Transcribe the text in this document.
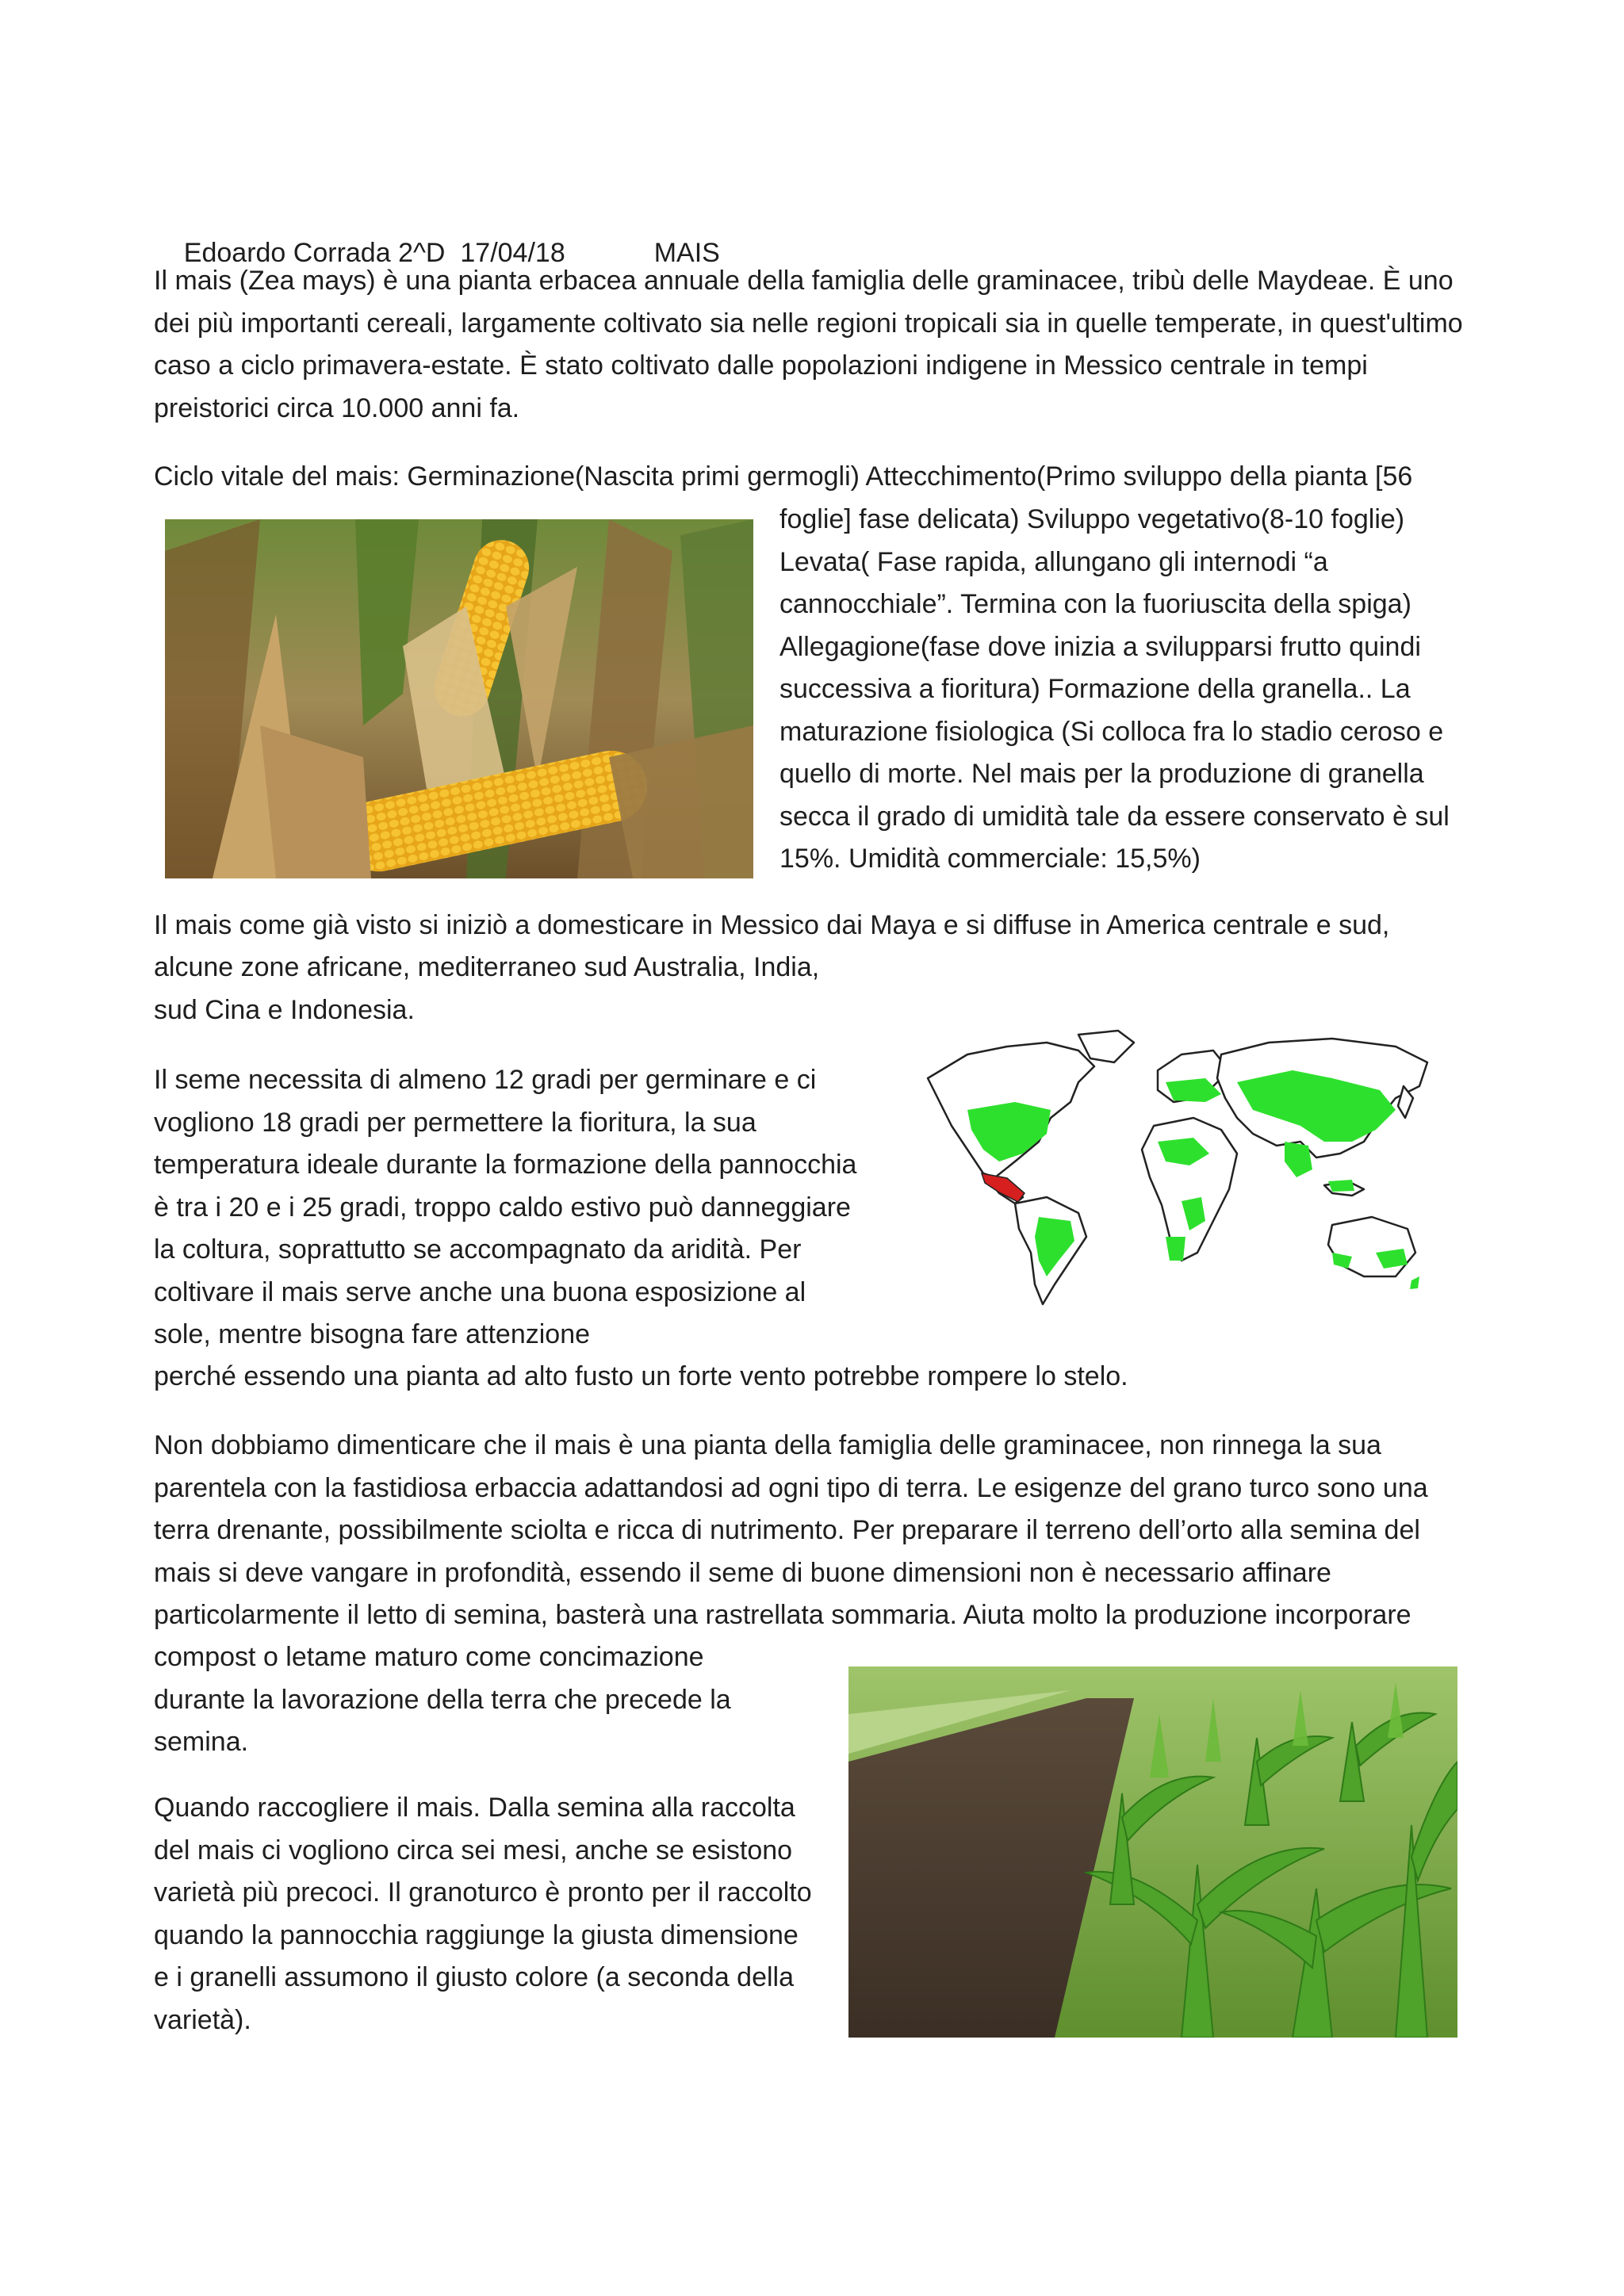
Edoardo Corrada 2^D  17/04/18	MAIS

Il mais (Zea mays) è una pianta erbacea annuale della famiglia delle graminacee, tribù delle Maydeae. È uno dei più importanti cereali, largamente coltivato sia nelle regioni tropicali sia in quelle temperate, in quest'ultimo caso a ciclo primavera-estate. È stato coltivato dalle popolazioni indigene in Messico centrale in tempi preistorici circa 10.000 anni fa.

Ciclo vitale del mais: Germinazione(Nascita primi germogli) Attecchimento(Primo sviluppo della pianta [56

foglie] fase delicata) Sviluppo vegetativo(8-10 foglie) Levata( Fase rapida, allungano gli internodi “a cannocchiale”. Termina con la fuoriuscita della spiga) Allegagione(fase dove inizia a svilupparsi frutto quindi successiva a fioritura) Formazione della granella.. La maturazione fisiologica (Si colloca fra lo stadio ceroso e quello di morte. Nel mais per la produzione di granella secca il grado di umidità tale da essere conservato è sul 15%. Umidità commerciale: 15,5%)

Il mais come già visto si iniziò a domesticare in Messico dai Maya e si diffuse in America centrale e sud,

alcune zone africane, mediterraneo sud Australia, India,

sud Cina e Indonesia.

Il seme necessita di almeno 12 gradi per germinare e ci vogliono 18 gradi per permettere la fioritura, la sua temperatura ideale durante la formazione della pannocchia è tra i 20 e i 25 gradi, troppo caldo estivo può danneggiare la coltura, soprattutto se accompagnato da aridità. Per coltivare il mais serve anche una buona esposizione al sole, mentre bisogna fare attenzione

perché essendo una pianta ad alto fusto un forte vento potrebbe rompere lo stelo.

Non dobbiamo dimenticare che il mais è una pianta della famiglia delle graminacee, non rinnega la sua parentela con la fastidiosa erbaccia adattandosi ad ogni tipo di terra. Le esigenze del grano turco sono una terra drenante, possibilmente sciolta e ricca di nutrimento. Per preparare il terreno dell’orto alla semina del mais si deve vangare in profondità, essendo il seme di buone dimensioni non è necessario affinare particolarmente il letto di semina, basterà una rastrellata sommaria. Aiuta molto la produzione incorporare

compost o letame maturo come concimazione durante la lavorazione della terra che precede la semina.

Quando raccogliere il mais. Dalla semina alla raccolta del mais ci vogliono circa sei mesi, anche se esistono varietà più precoci. Il granoturco è pronto per il raccolto quando la pannocchia raggiunge la giusta dimensione e i granelli assumono il giusto colore (a seconda della varietà).
